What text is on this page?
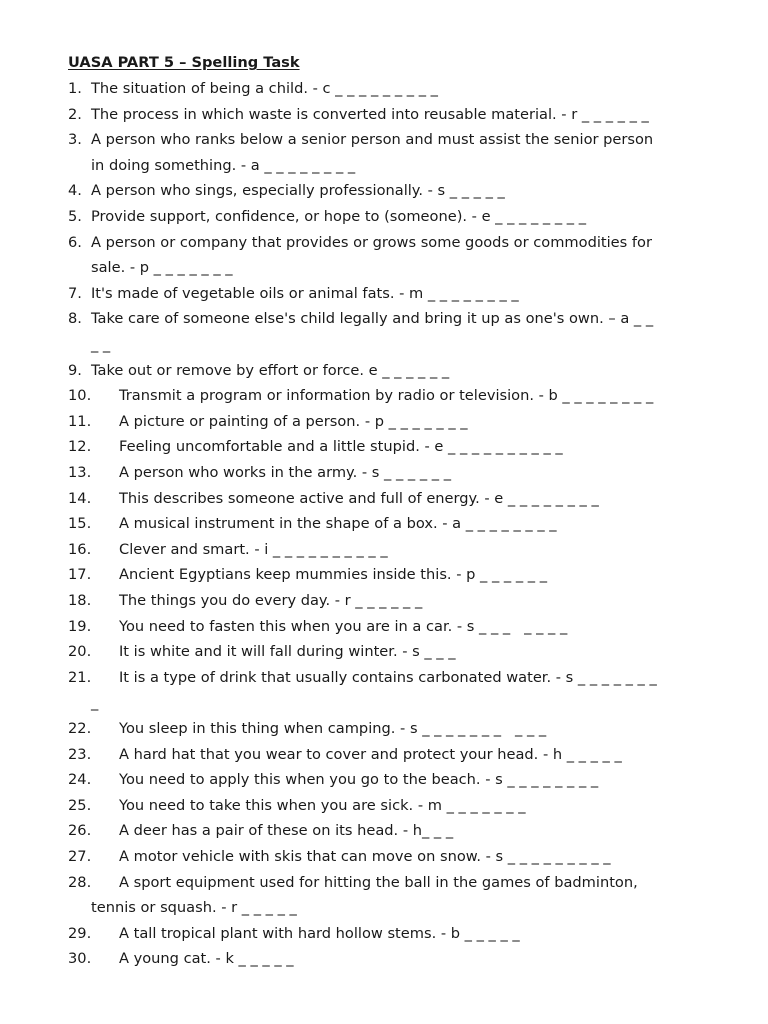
UASA PART 5 – Spelling Task
1. The situation of being a child. - c _ _ _ _ _ _ _ _ _
2. The process in which waste is converted into reusable material. - r _ _ _ _ _ _
3. A person who ranks below a senior person and must assist the senior person
in doing something. - a _ _ _ _ _ _ _ _
4. A person who sings, especially professionally. - s _ _ _ _ _
5. Provide support, confidence, or hope to (someone). - e _ _ _ _ _ _ _ _
6. A person or company that provides or grows some goods or commodities for
sale. - p _ _ _ _ _ _ _
7. It's made of vegetable oils or animal fats. - m _ _ _ _ _ _ _ _
8. Take care of someone else's child legally and bring it up as one's own. – a _ _
_ _
9. Take out or remove by effort or force. e _ _ _ _ _ _
10. Transmit a program or information by radio or television. - b _ _ _ _ _ _ _ _
11. A picture or painting of a person. - p _ _ _ _ _ _ _
12. Feeling uncomfortable and a little stupid. - e _ _ _ _ _ _ _ _ _ _
13. A person who works in the army. - s _ _ _ _ _ _
14. This describes someone active and full of energy. - e _ _ _ _ _ _ _ _
15. A musical instrument in the shape of a box. - a _ _ _ _ _ _ _ _
16. Clever and smart. - i _ _ _ _ _ _ _ _ _ _
17. Ancient Egyptians keep mummies inside this. - p _ _ _ _ _ _
18. The things you do every day. - r _ _ _ _ _ _
19. You need to fasten this when you are in a car. - s _ _ _   _ _ _ _
20. It is white and it will fall during winter. - s _ _ _
21. It is a type of drink that usually contains carbonated water. - s _ _ _ _ _ _ _
_
22. You sleep in this thing when camping. - s _ _ _ _ _ _ _   _ _ _
23. A hard hat that you wear to cover and protect your head. - h _ _ _ _ _
24. You need to apply this when you go to the beach. - s _ _ _ _ _ _ _ _
25. You need to take this when you are sick. - m _ _ _ _ _ _ _
26. A deer has a pair of these on its head. - h_ _ _
27. A motor vehicle with skis that can move on snow. - s _ _ _ _ _ _ _ _ _
28. A sport equipment used for hitting the ball in the games of badminton,
tennis or squash. - r _ _ _ _ _
29. A tall tropical plant with hard hollow stems. - b _ _ _ _ _
30. A young cat. - k _ _ _ _ _
